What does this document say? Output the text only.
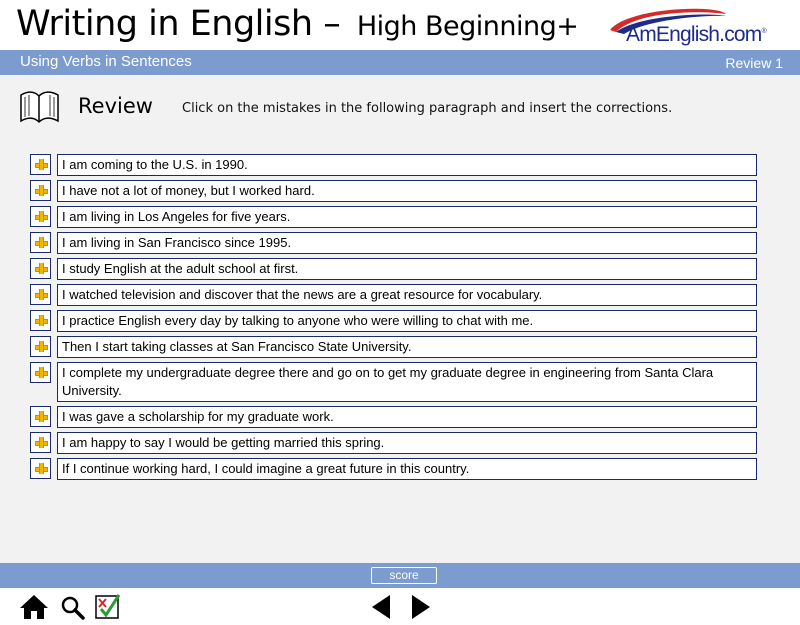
Writing in English – High Beginning+ AmEnglish.com®
Using Verbs in Sentences	Review 1
Review Click on the mistakes in the following paragraph and insert the corrections.
I am coming to the U.S. in 1990.
I have not a lot of money, but I worked hard.
I am living in Los Angeles for five years.
I am living in San Francisco since 1995.
I study English at the adult school at first.
I watched television and discover that the news are a great resource for vocabulary.
I practice English every day by talking to anyone who were willing to chat with me.
Then I start taking classes at San Francisco State University.
I complete my undergraduate degree there and go on to get my graduate degree in engineering from Santa Clara University.
I was gave a scholarship for my graduate work.
I am happy to say I would be getting married this spring.
If I continue working hard, I could imagine a great future in this country.
score
